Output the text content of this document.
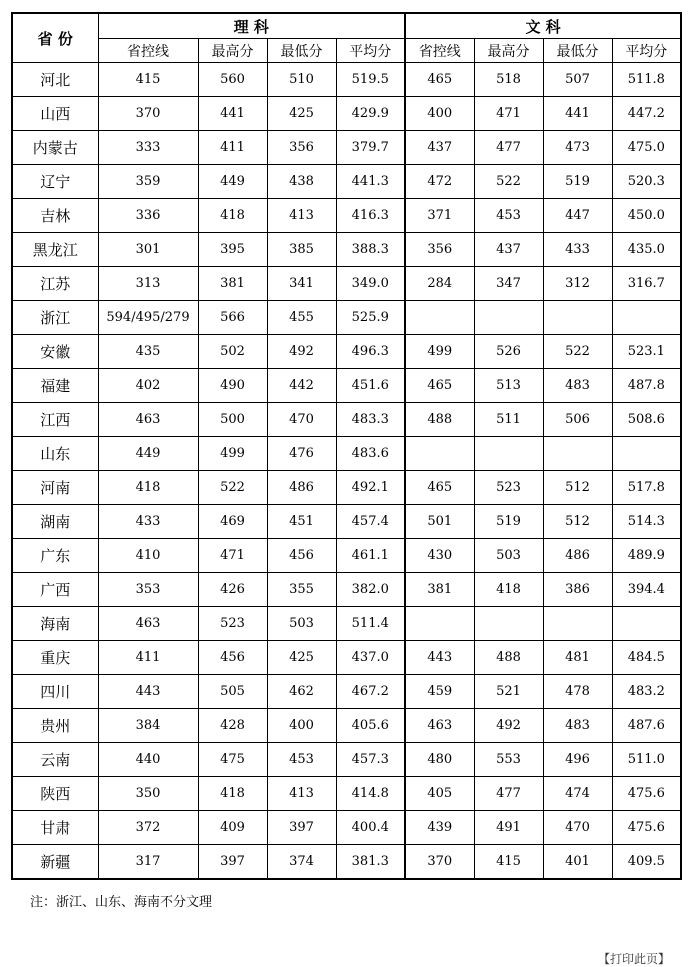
省 份	理 科				文 科			
	省控线	最高分	最低分	平均分	省控线	最高分	最低分	平均分
河北	415	560	510	519.5	465	518	507	511.8
山西	370	441	425	429.9	400	471	441	447.2
内蒙古	333	411	356	379.7	437	477	473	475.0
辽宁	359	449	438	441.3	472	522	519	520.3
吉林	336	418	413	416.3	371	453	447	450.0
黑龙江	301	395	385	388.3	356	437	433	435.0
江苏	313	381	341	349.0	284	347	312	316.7
浙江	594/495/279	566	455	525.9				
安徽	435	502	492	496.3	499	526	522	523.1
福建	402	490	442	451.6	465	513	483	487.8
江西	463	500	470	483.3	488	511	506	508.6
山东	449	499	476	483.6				
河南	418	522	486	492.1	465	523	512	517.8
湖南	433	469	451	457.4	501	519	512	514.3
广东	410	471	456	461.1	430	503	486	489.9
广西	353	426	355	382.0	381	418	386	394.4
海南	463	523	503	511.4				
重庆	411	456	425	437.0	443	488	481	484.5
四川	443	505	462	467.2	459	521	478	483.2
贵州	384	428	400	405.6	463	492	483	487.6
云南	440	475	453	457.3	480	553	496	511.0
陕西	350	418	413	414.8	405	477	474	475.6
甘肃	372	409	397	400.4	439	491	470	475.6
新疆	317	397	374	381.3	370	415	401	409.5
注：浙江、山东、海南不分文理
【打印此页】
